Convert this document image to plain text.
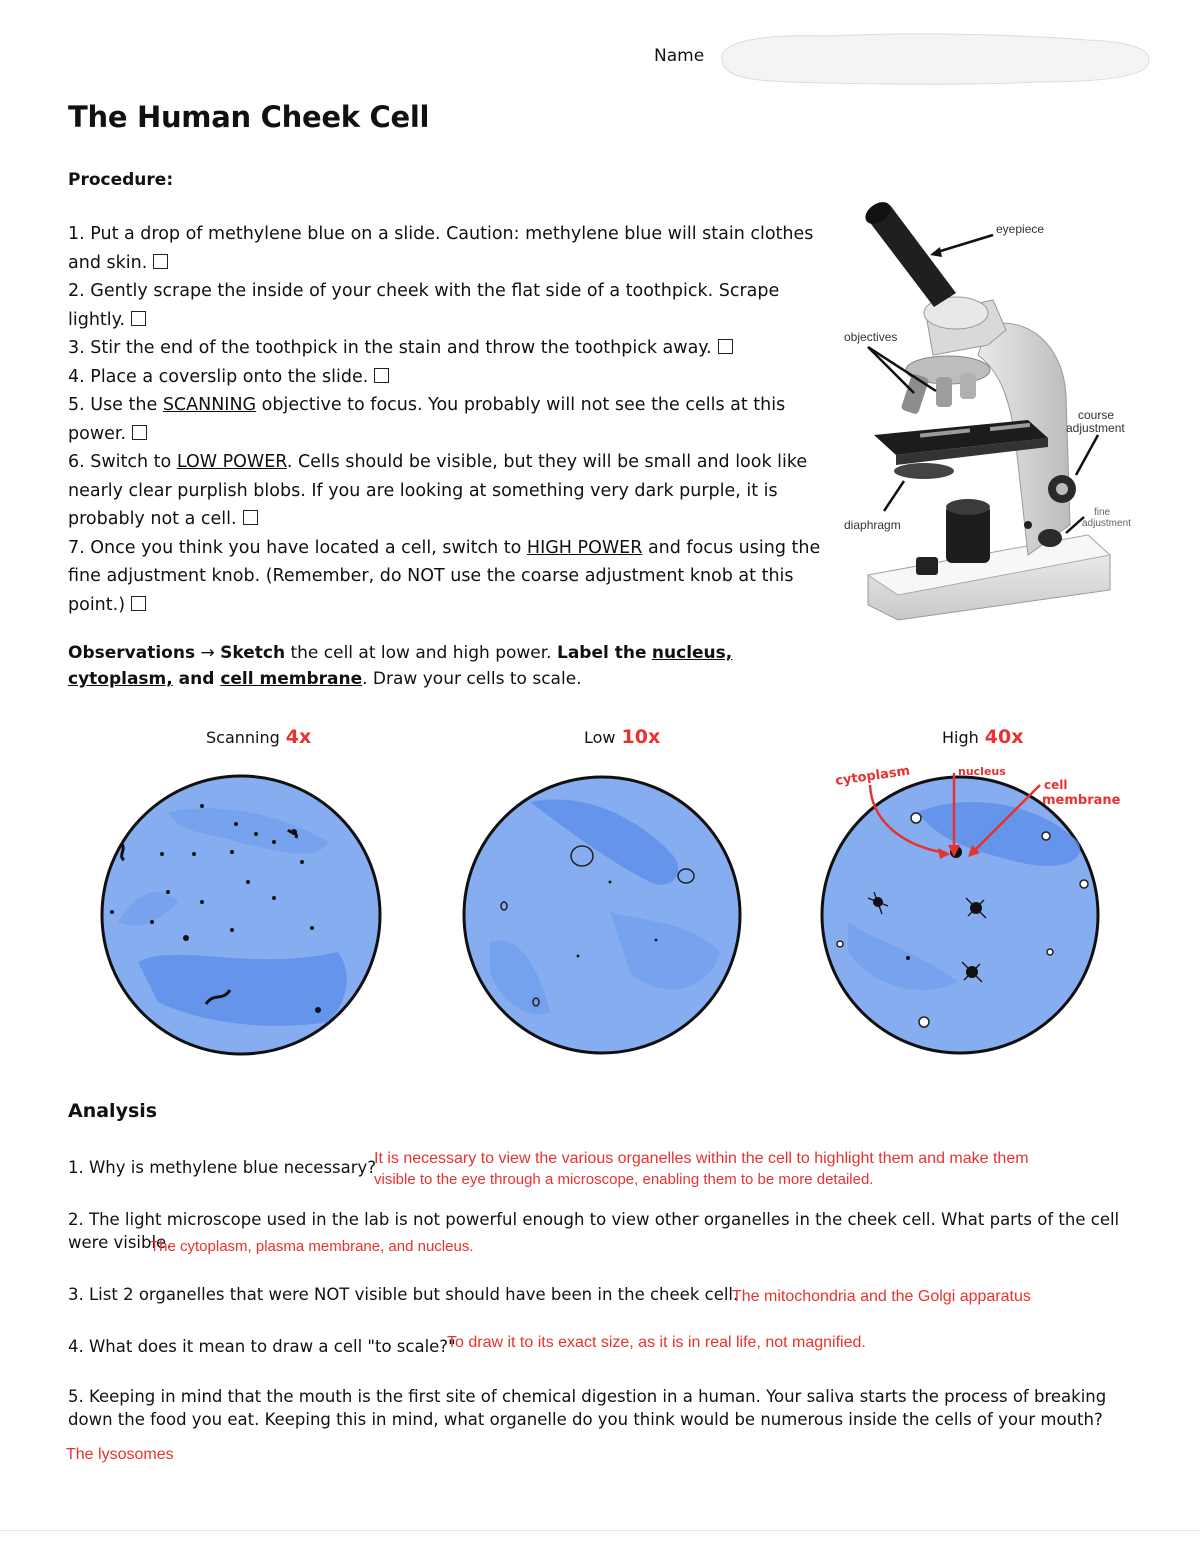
Name
The Human Cheek Cell
Procedure:

1. Put a drop of methylene blue on a slide. Caution: methylene blue will stain clothes and skin.

2. Gently scrape the inside of your cheek with the flat side of a toothpick. Scrape lightly.

3. Stir the end of the toothpick in the stain and throw the toothpick away.

4. Place a coverslip onto the slide.

5. Use the SCANNING objective to focus. You probably will not see the cells at this power.

6. Switch to LOW POWER. Cells should be visible, but they will be small and look like nearly clear purplish blobs. If you are looking at something very dark purple, it is probably not a cell.

7. Once you think you have located a cell, switch to HIGH POWER and focus using the fine adjustment knob. (Remember, do NOT use the coarse adjustment knob at this point.)

eyepiece
objectives
course
adjustment
fine
adjustment
diaphragm
Observations → Sketch the cell at low and high power. Label the nucleus,
cytoplasm, and cell membrane. Draw your cells to scale.
Scanning 4x	Low 10x	High 40x
cytoplasm	nucleus
cell
membrane
Analysis
1. Why is methylene blue necessary?
It is necessary to view the various organelles within the cell to highlight them and make them
visible to the eye through a microscope, enabling them to be more detailed.
2. The light microscope used in the lab is not powerful enough to view other organelles in the cheek cell. What parts of the cell were visible.
The cytoplasm, plasma membrane, and nucleus.
3. List 2 organelles that were NOT visible but should have been in the cheek cell.
The mitochondria and the Golgi apparatus
4. What does it mean to draw a cell "to scale?"
To draw it to its exact size, as it is in real life, not magnified.
5. Keeping in mind that the mouth is the first site of chemical digestion in a human. Your saliva starts the process of breaking down the food you eat. Keeping this in mind, what organelle do you think would be numerous inside the cells of your mouth?
The lysosomes
